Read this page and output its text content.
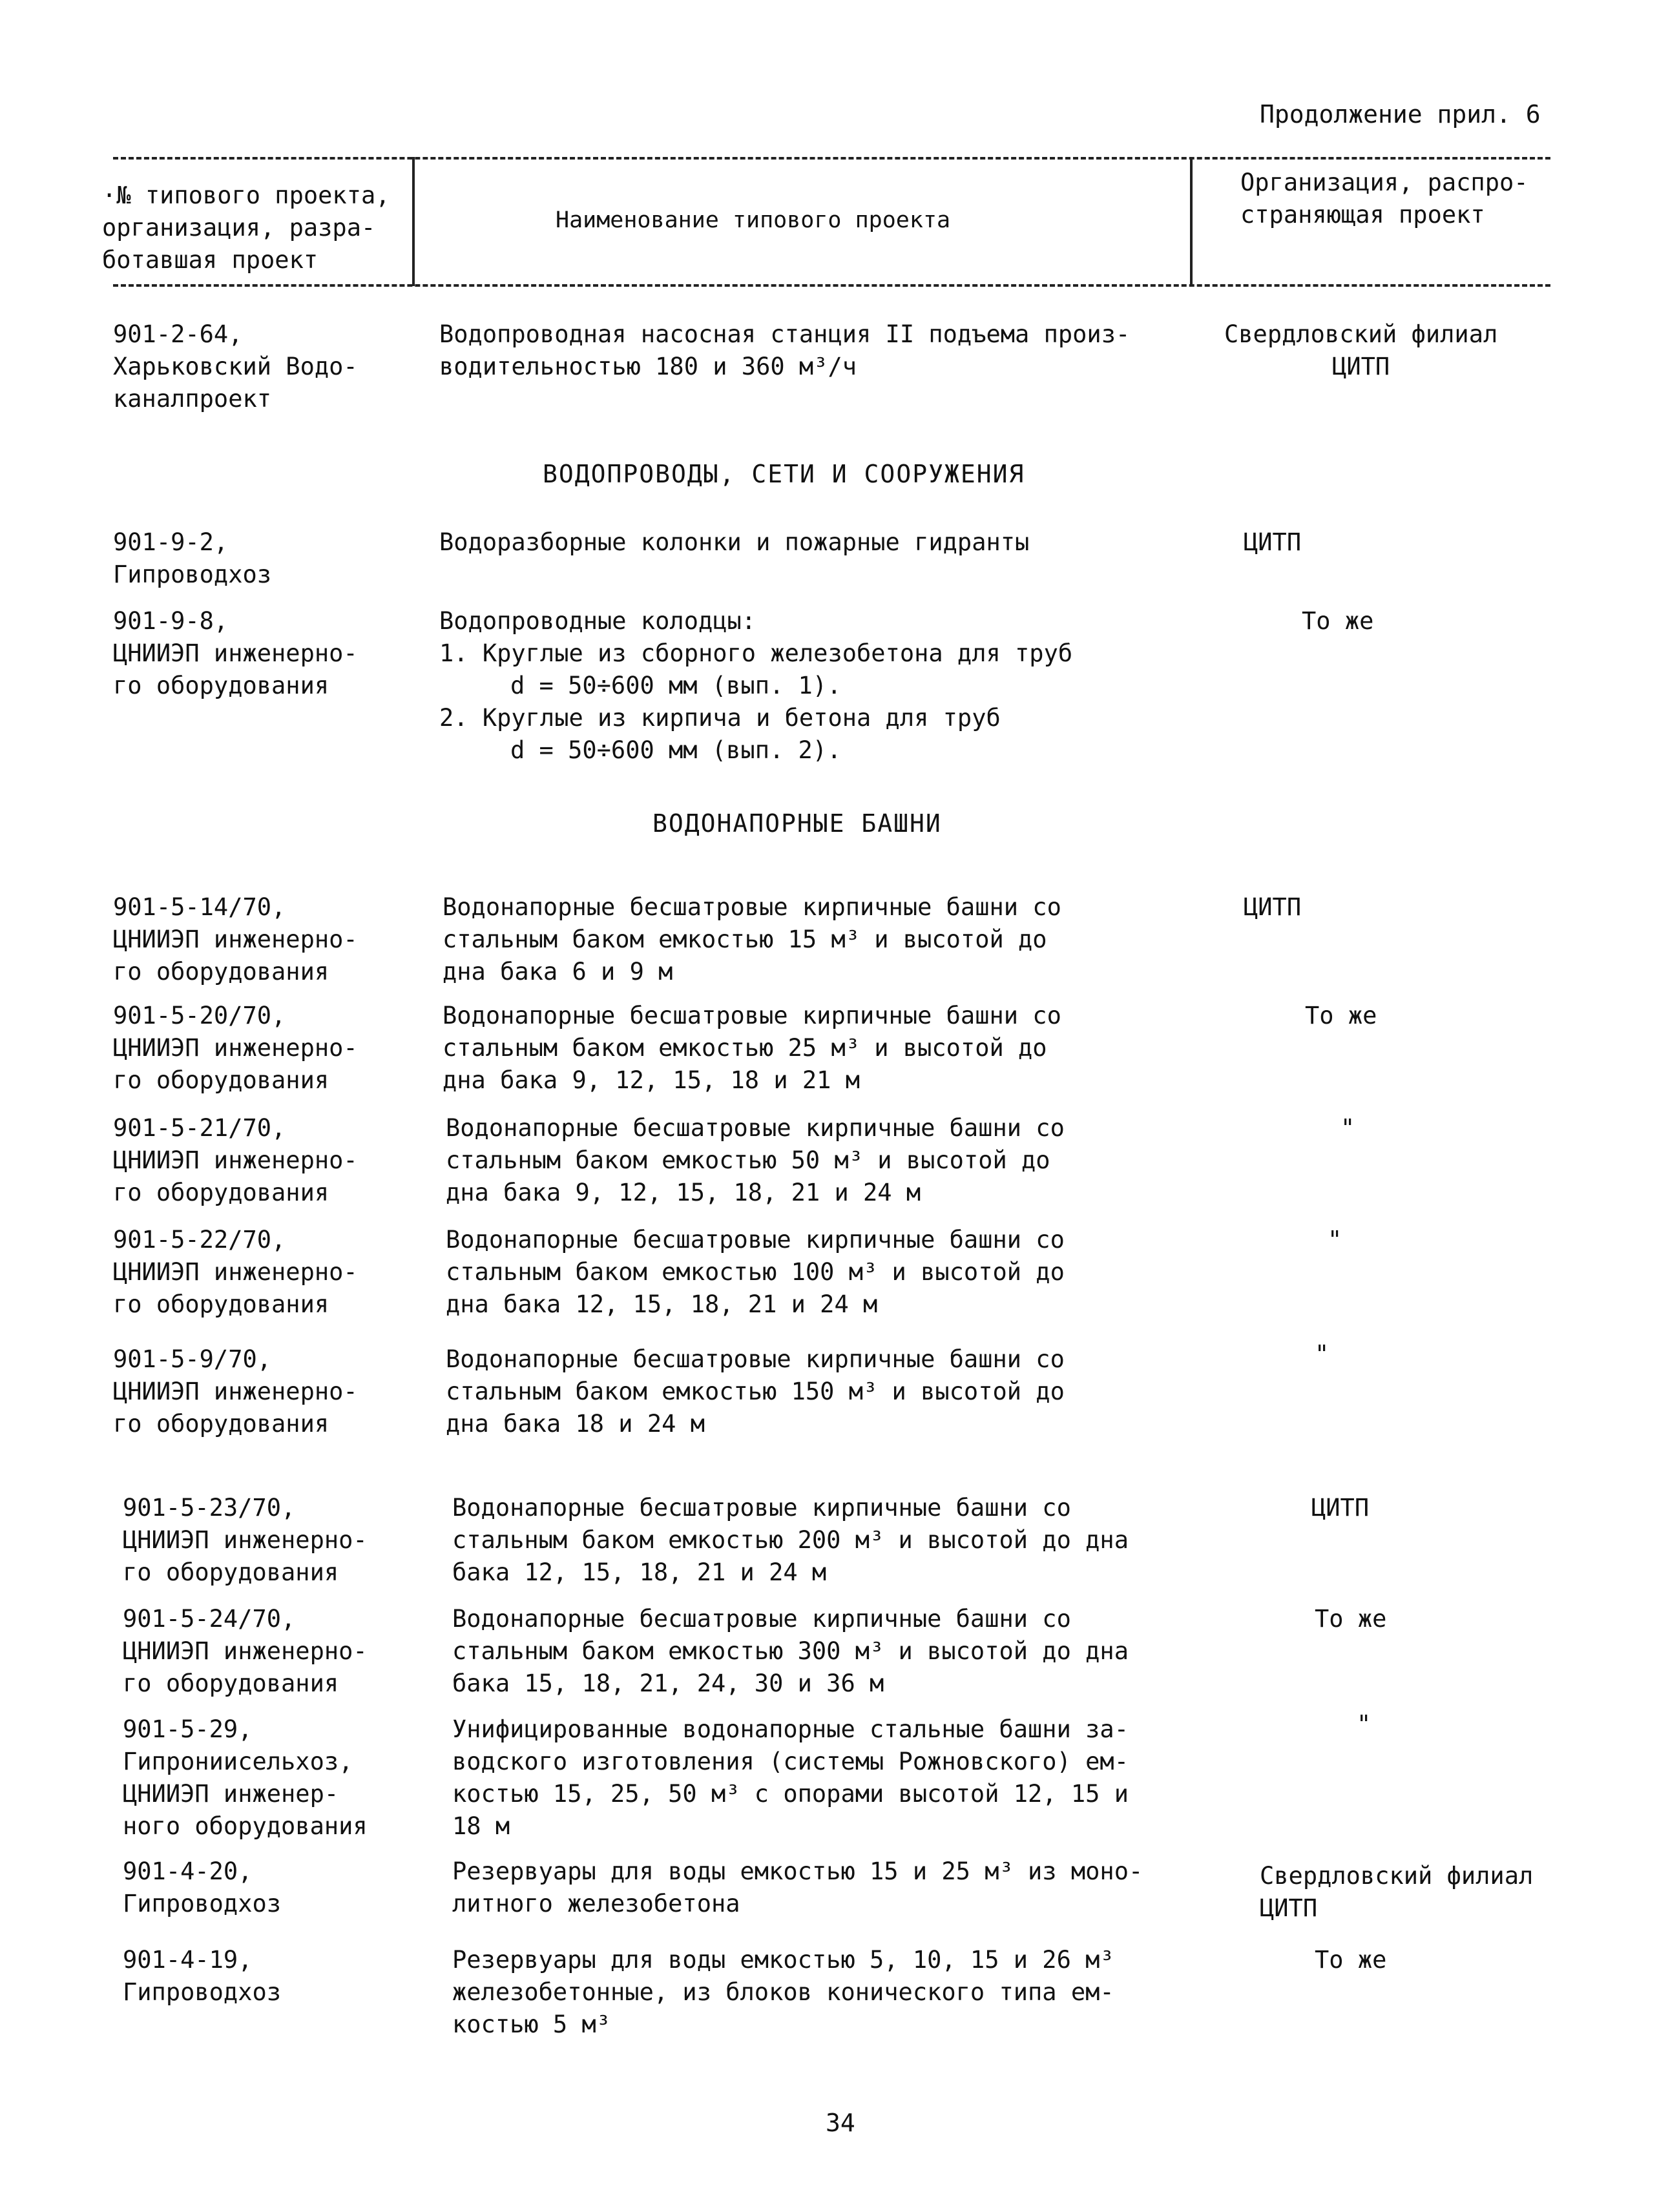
Продолжение прил. 6
·№ типового проекта,
организация, разра-
ботавшая проект
Наименование типового проекта
Организация, распро-
страняющая проект
901-2-64,
Харьковский Водо-
каналпроект
Водопроводная насосная станция II подъема произ-
водительностью 180 и 360 м³/ч
Свердловский филиал
ЦИТП
ВОДОПРОВОДЫ, СЕТИ И СООРУЖЕНИЯ
901-9-2,
Гипроводхоз
Водоразборные колонки и пожарные гидранты	ЦИТП
901-9-8,
ЦНИИЭП инженерно-
го оборудования
Водопроводные колодцы:
1. Круглые из сборного железобетона для труб
d = 50÷600 мм (вып. 1).
2. Круглые из кирпича и бетона для труб
d = 50÷600 мм (вып. 2).
То же
ВОДОНАПОРНЫЕ БАШНИ
901-5-14/70,
ЦНИИЭП инженерно-
го оборудования
Водонапорные бесшатровые кирпичные башни со
стальным баком емкостью 15 м³ и высотой до
дна бака 6 и 9 м
ЦИТП
901-5-20/70,
ЦНИИЭП инженерно-
го оборудования
Водонапорные бесшатровые кирпичные башни со
стальным баком емкостью 25 м³ и высотой до
дна бака 9, 12, 15, 18 и 21 м
То же
901-5-21/70,
ЦНИИЭП инженерно-
го оборудования
Водонапорные бесшатровые кирпичные башни со
стальным баком емкостью 50 м³ и высотой до
дна бака 9, 12, 15, 18, 21 и 24 м
"
901-5-22/70,
ЦНИИЭП инженерно-
го оборудования
Водонапорные бесшатровые кирпичные башни со
стальным баком емкостью 100 м³ и высотой до
дна бака 12, 15, 18, 21 и 24 м
"
901-5-9/70,
ЦНИИЭП инженерно-
го оборудования
Водонапорные бесшатровые кирпичные башни со
стальным баком емкостью 150 м³ и высотой до
дна бака 18 и 24 м
"
901-5-23/70,
ЦНИИЭП инженерно-
го оборудования
Водонапорные бесшатровые кирпичные башни со
стальным баком емкостью 200 м³ и высотой до дна
бака 12, 15, 18, 21 и 24 м
ЦИТП
901-5-24/70,
ЦНИИЭП инженерно-
го оборудования
Водонапорные бесшатровые кирпичные башни со
стальным баком емкостью 300 м³ и высотой до дна
бака 15, 18, 21, 24, 30 и 36 м
То же
901-5-29,
Гипрониисельхоз,
ЦНИИЭП инженер-
ного оборудования
Унифицированные водонапорные стальные башни за-
водского изготовления (системы Рожновского) ем-
костью 15, 25, 50 м³ с опорами высотой 12, 15 и
18 м
"
901-4-20,
Гипроводхоз
Резервуары для воды емкостью 15 и 25 м³ из моно-
литного железобетона
Свердловский филиал
ЦИТП
901-4-19,
Гипроводхоз
Резервуары для воды емкостью 5, 10, 15 и 26 м³
железобетонные, из блоков конического типа ем-
костью 5 м³
То же
34
